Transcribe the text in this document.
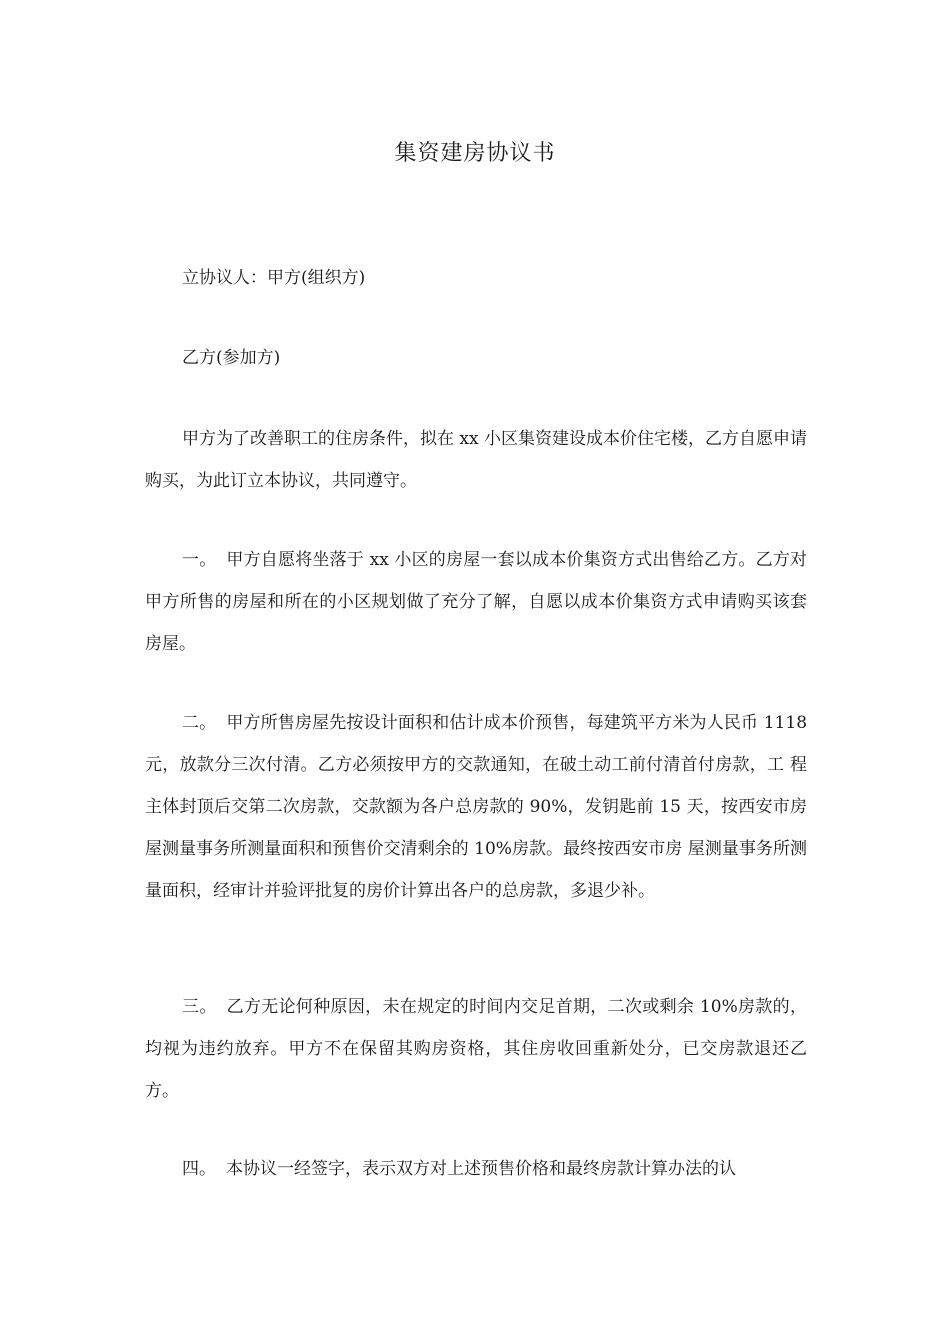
集资建房协议书

立协议人：甲方(组织方)

乙方(参加方)

甲方为了改善职工的住房条件，拟在 xx 小区集资建设成本价住宅楼，乙方自愿申请购买，为此订立本协议，共同遵守。

一。 甲方自愿将坐落于 xx 小区的房屋一套以成本价集资方式出售给乙方。乙方对甲方所售的房屋和所在的小区规划做了充分了解，自愿以成本价集资方式申请购买该套 房屋。

二。 甲方所售房屋先按设计面积和估计成本价预售，每建筑平方米为人民币 1118 元，放款分三次付清。乙方必须按甲方的交款通知，在破土动工前付清首付房款，工 程主体封顶后交第二次房款，交款额为各户总房款的 90%，发钥匙前 15 天，按西安市房屋测量事务所测量面积和预售价交清剩余的 10%房款。最终按西安市房 屋测量事务所测量面积，经审计并验评批复的房价计算出各户的总房款，多退少补。

三。 乙方无论何种原因，未在规定的时间内交足首期，二次或剩余 10%房款的，均视为违约放弃。甲方不在保留其购房资格，其住房收回重新处分，已交房款退还乙 方。

四。 本协议一经签字，表示双方对上述预售价格和最终房款计算办法的认
